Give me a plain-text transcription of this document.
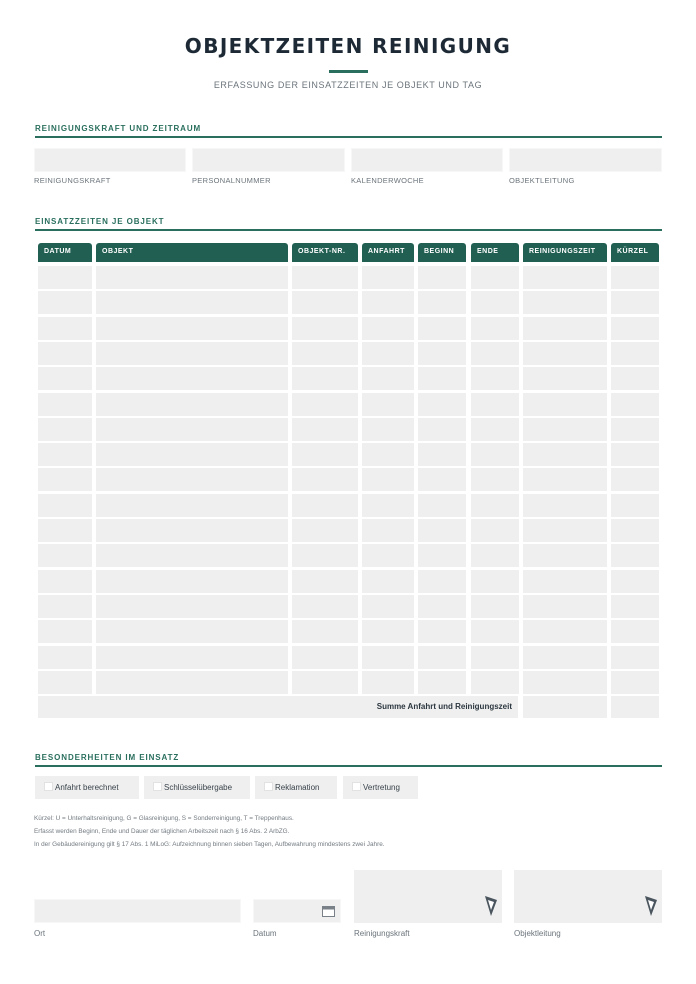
OBJEKTZEITEN REINIGUNG
ERFASSUNG DER EINSATZZEITEN JE OBJEKT UND TAG
REINIGUNGSKRAFT UND ZEITRAUM
REINIGUNGSKRAFT	PERSONALNUMMER	KALENDERWOCHE	OBJEKTLEITUNG
EINSATZZEITEN JE OBJEKT
DATUM	OBJEKT	OBJEKT-NR.	ANFAHRT	BEGINN	ENDE	REINIGUNGSZEIT	KÜRZEL
Summe Anfahrt und Reinigungszeit
BESONDERHEITEN IM EINSATZ
Anfahrt berechnet	Schlüsselübergabe	Reklamation	Vertretung
Kürzel: U = Unterhaltsreinigung, G = Glasreinigung, S = Sonderreinigung, T = Treppenhaus.
Erfasst werden Beginn, Ende und Dauer der täglichen Arbeitszeit nach § 16 Abs. 2 ArbZG.
In der Gebäudereinigung gilt § 17 Abs. 1 MiLoG: Aufzeichnung binnen sieben Tagen, Aufbewahrung mindestens zwei Jahre.
Ort	Datum	Reinigungskraft	Objektleitung
